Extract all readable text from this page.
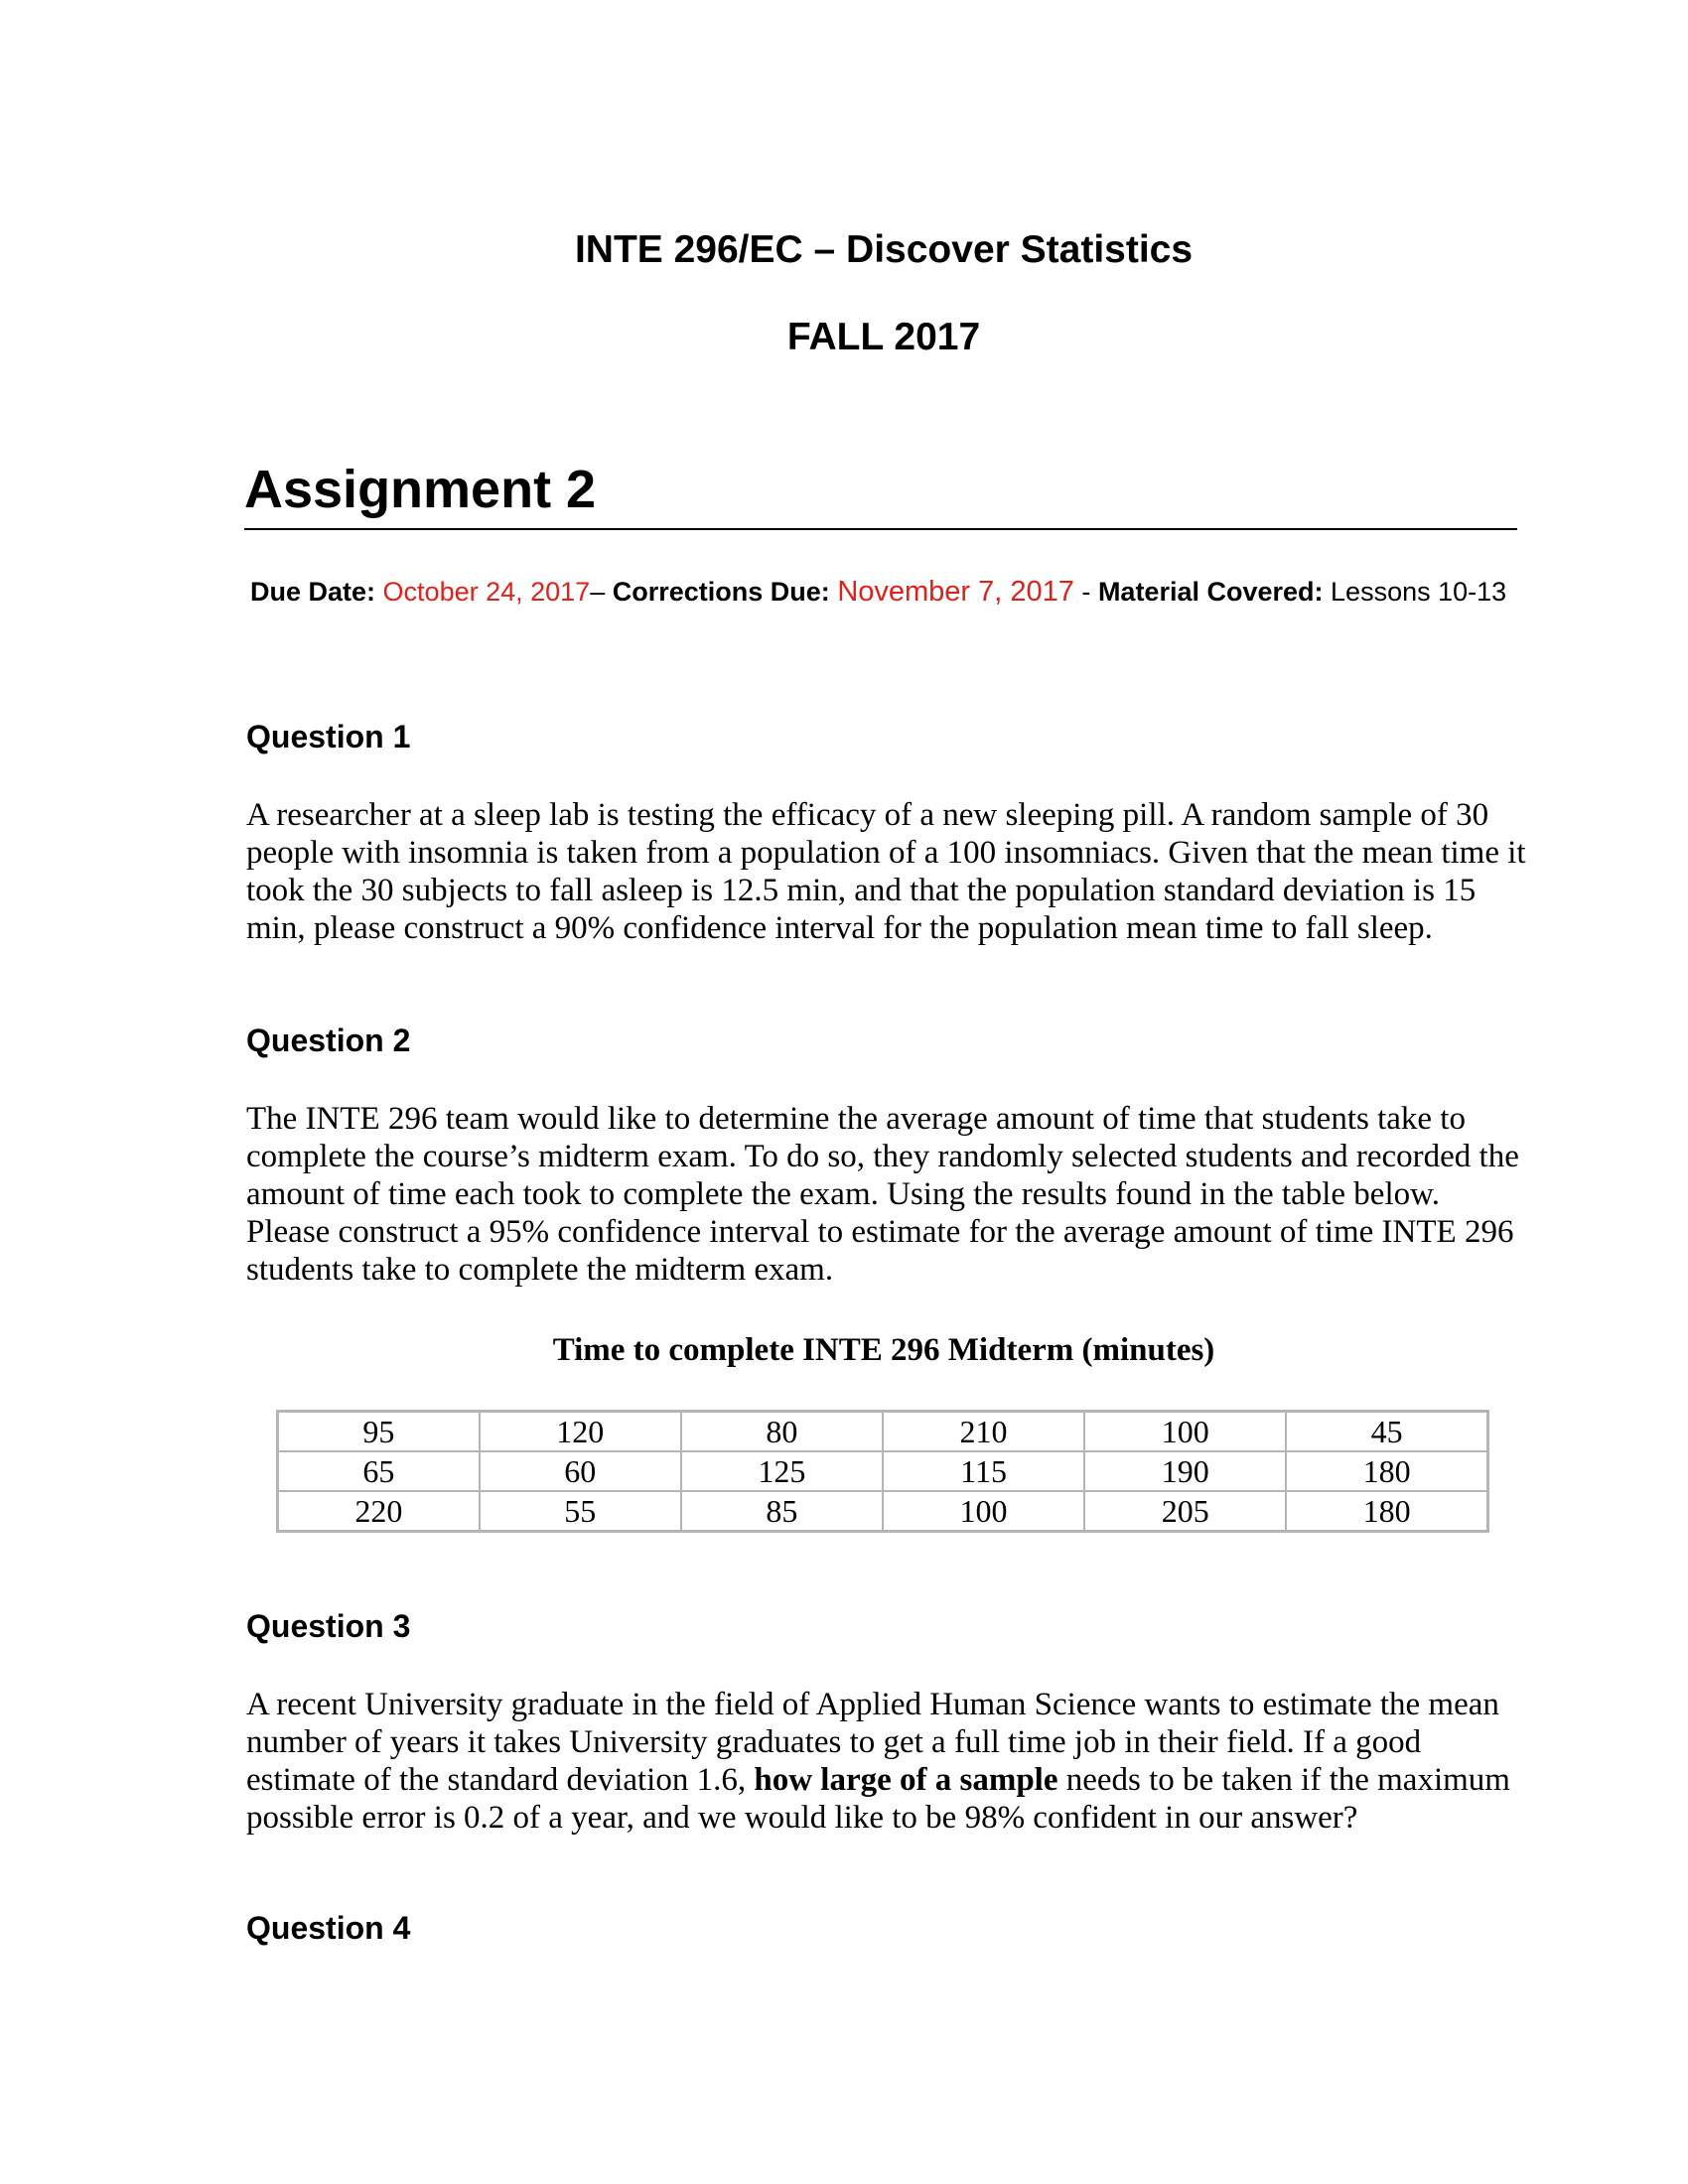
INTE 296/EC – Discover Statistics
FALL 2017
Assignment 2
Due Date: October 24, 2017– Corrections Due: November 7, 2017 - Material Covered: Lessons 10-13
Question 1

A researcher at a sleep lab is testing the efficacy of a new sleeping pill. A random sample of 30 people with insomnia is taken from a population of a 100 insomniacs. Given that the mean time it took the 30 subjects to fall asleep is 12.5 min, and that the population standard deviation is 15 min, please construct a 90% confidence interval for the population mean time to fall sleep.

Question 2

The INTE 296 team would like to determine the average amount of time that students take to complete the course’s midterm exam. To do so, they randomly selected students and recorded the amount of time each took to complete the exam. Using the results found in the table below. Please construct a 95% confidence interval to estimate for the average amount of time INTE 296 students take to complete the midterm exam.

Time to complete INTE 296 Midterm (minutes)
95	120	80	210	100	45
65	60	125	115	190	180
220	55	85	100	205	180
Question 3

A recent University graduate in the field of Applied Human Science wants to estimate the mean number of years it takes University graduates to get a full time job in their field. If a good estimate of the standard deviation 1.6, how large of a sample needs to be taken if the maximum possible error is 0.2 of a year, and we would like to be 98% confident in our answer?

Question 4
